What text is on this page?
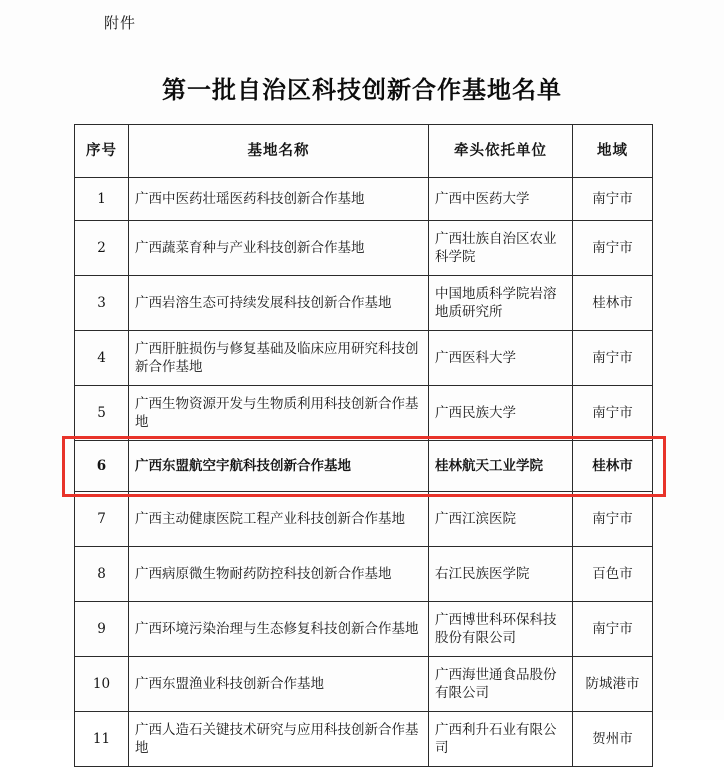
附件
第一批自治区科技创新合作基地名单
序号	基地名称	牵头依托单位	地域
1	广西中医药壮瑶医药科技创新合作基地	广西中医药大学	南宁市
2	广西蔬菜育种与产业科技创新合作基地	广西壮族自治区农业科学院	南宁市
3	广西岩溶生态可持续发展科技创新合作基地	中国地质科学院岩溶地质研究所	桂林市
4	广西肝脏损伤与修复基础及临床应用研究科技创新合作基地	广西医科大学	南宁市
5	广西生物资源开发与生物质利用科技创新合作基地	广西民族大学	南宁市
6	广西东盟航空宇航科技创新合作基地	桂林航天工业学院	桂林市
7	广西主动健康医院工程产业科技创新合作基地	广西江滨医院	南宁市
8	广西病原微生物耐药防控科技创新合作基地	右江民族医学院	百色市
9	广西环境污染治理与生态修复科技创新合作基地	广西博世科环保科技股份有限公司	南宁市
10	广西东盟渔业科技创新合作基地	广西海世通食品股份有限公司	防城港市
11	广西人造石关键技术研究与应用科技创新合作基地	广西利升石业有限公司	贺州市
